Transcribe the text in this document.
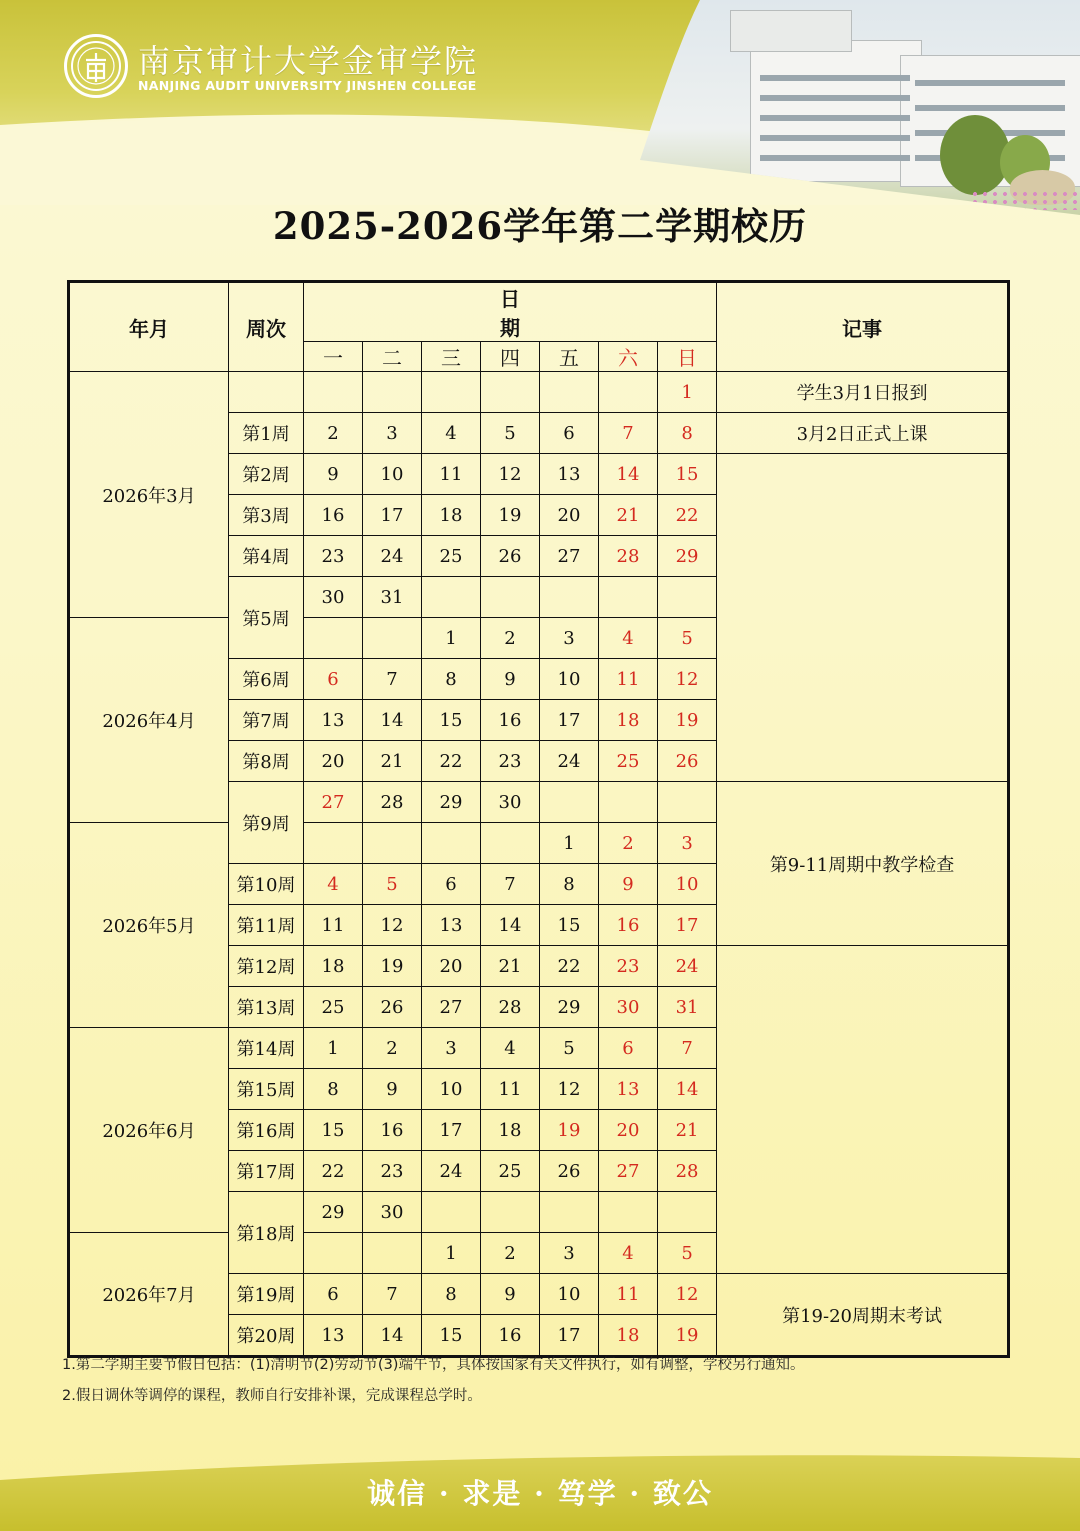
南京审计大学金审学院
NANJING AUDIT UNIVERSITY JINSHEN COLLEGE
2025-2026学年第二学期校历
年月	周次	日　　期							记事
		一	二	三	四	五	六	日	
2026年3月								1	学生3月1日报到
	第1周	2	3	4	5	6	7	8	3月2日正式上课
	第2周	9	10	11	12	13	14	15	
	第3周	16	17	18	19	20	21	22	
	第4周	23	24	25	26	27	28	29	
	第5周	30	31						
2026年4月				1	2	3	4	5	
	第6周	6	7	8	9	10	11	12	
	第7周	13	14	15	16	17	18	19	
	第8周	20	21	22	23	24	25	26	
	第9周	27	28	29	30				第9-11周期中教学检查
2026年5月						1	2	3	
	第10周	4	5	6	7	8	9	10	
	第11周	11	12	13	14	15	16	17	
	第12周	18	19	20	21	22	23	24	
	第13周	25	26	27	28	29	30	31	
2026年6月	第14周	1	2	3	4	5	6	7	
	第15周	8	9	10	11	12	13	14	
	第16周	15	16	17	18	19	20	21	
	第17周	22	23	24	25	26	27	28	
	第18周	29	30						
2026年7月				1	2	3	4	5	
	第19周	6	7	8	9	10	11	12	第19-20周期末考试
	第20周	13	14	15	16	17	18	19	
1.第二学期主要节假日包括：(1)清明节(2)劳动节(3)端午节，具体按国家有关文件执行，如有调整，学校另行通知。
2.假日调休等调停的课程，教师自行安排补课，完成课程总学时。
诚信 · 求是 · 笃学 · 致公
